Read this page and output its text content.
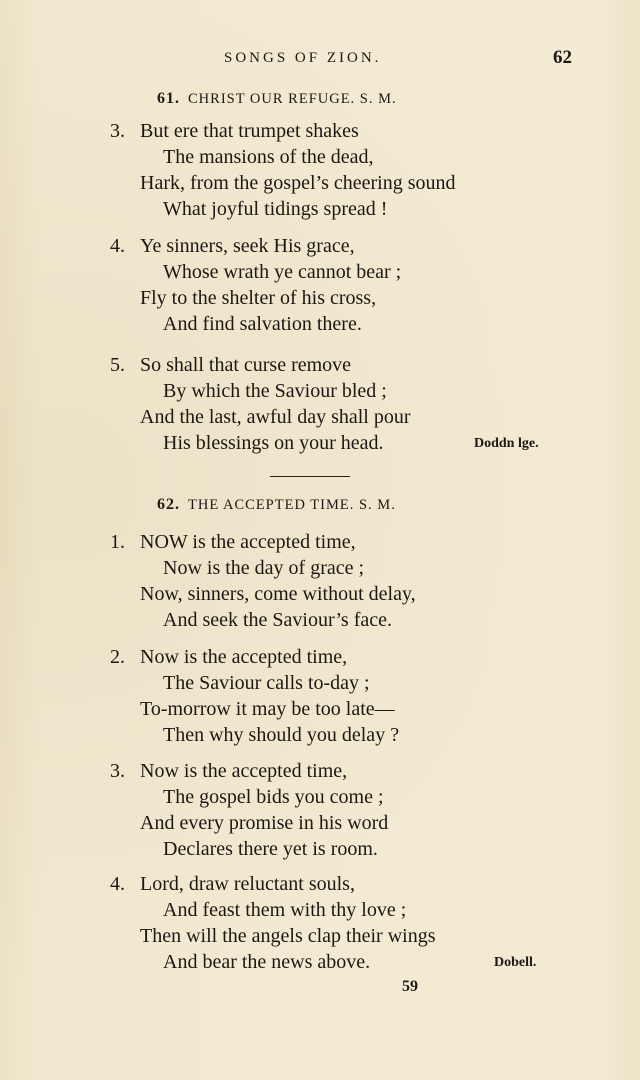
SONGS OF ZION.	62
61. CHRIST OUR REFUGE. S. M.
3. But ere that trumpet shakes
The mansions of the dead,
Hark, from the gospel’s cheering sound
What joyful tidings spread !
4. Ye sinners, seek His grace,
Whose wrath ye cannot bear ;
Fly to the shelter of his cross,
And find salvation there.
5. So shall that curse remove
By which the Saviour bled ;
And the last, awful day shall pour
His blessings on your head.	Doddn lge.
62. THE ACCEPTED TIME. S. M.
1. NOW is the accepted time,
Now is the day of grace ;
Now, sinners, come without delay,
And seek the Saviour’s face.
2. Now is the accepted time,
The Saviour calls to-day ;
To-morrow it may be too late—
Then why should you delay ?
3. Now is the accepted time,
The gospel bids you come ;
And every promise in his word
Declares there yet is room.
4. Lord, draw reluctant souls,
And feast them with thy love ;
Then will the angels clap their wings
And bear the news above.	Dobell.
59
